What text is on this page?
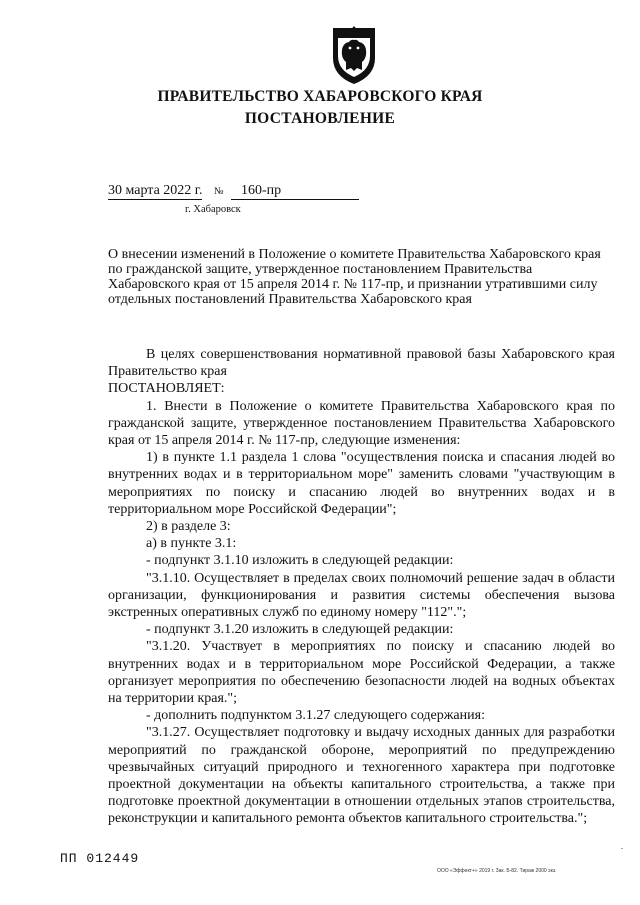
ПРАВИТЕЛЬСТВО ХАБАРОВСКОГО КРАЯ
ПОСТАНОВЛЕНИЕ
30 марта 2022 г. № 160-пр
г. Хабаровск
О внесении изменений в Положение о комитете Правительства Хабаровского края по гражданской защите, утвержденное постановлением Правительства Хабаровского края от 15 апреля 2014 г. № 117-пр, и признании утратившими силу отдельных постановлений Правительства Хабаровского края

В целях совершенствования нормативной правовой базы Хабаровского края Правительство края

ПОСТАНОВЛЯЕТ:

1. Внести в Положение о комитете Правительства Хабаровского края по гражданской защите, утвержденное постановлением Правительства Хабаровского края от 15 апреля 2014 г. № 117-пр, следующие изменения:

1) в пункте 1.1 раздела 1 слова "осуществления поиска и спасания людей во внутренних водах и в территориальном море" заменить словами "участвующим в мероприятиях по поиску и спасанию людей во внутренних водах и в территориальном море Российской Федерации";

2) в разделе 3:

а) в пункте 3.1:

- подпункт 3.1.10 изложить в следующей редакции:

"3.1.10. Осуществляет в пределах своих полномочий решение задач в области организации, функционирования и развития системы обеспечения вызова экстренных оперативных служб по единому номеру "112".";

- подпункт 3.1.20 изложить в следующей редакции:

"3.1.20. Участвует в мероприятиях по поиску и спасанию людей во внутренних водах и в территориальном море Российской Федерации, а также организует мероприятия по обеспечению безопасности людей на водных объектах на территории края.";

- дополнить подпунктом 3.1.27 следующего содержания:

"3.1.27. Осуществляет подготовку и выдачу исходных данных для разработки мероприятий по гражданской обороне, мероприятий по предупреждению чрезвычайных ситуаций природного и техногенного характера при подготовке проектной документации на объекты капитального строительства, а также при подготовке проектной документации в отношении отдельных этапов строительства, реконструкции и капитального ремонта объектов капитального строительства.";

.
ПП 012449
ООО «Эффект+» 2019 г. Зак. Б-82. Тираж 2000 экз.
